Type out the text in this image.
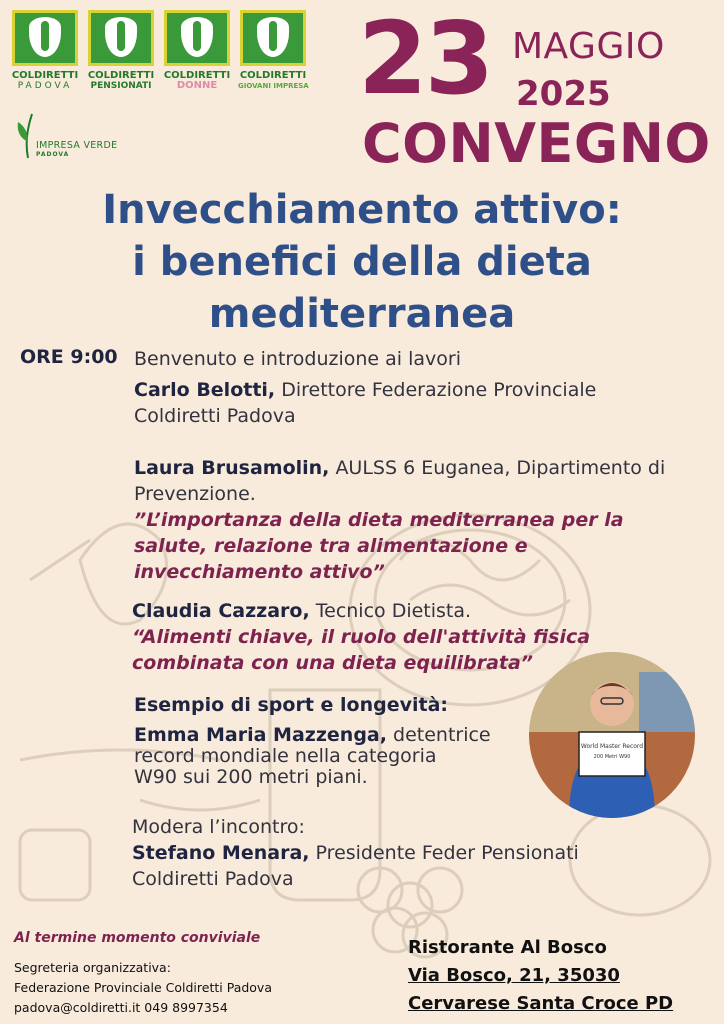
COLDIRETTI
PADOVA
COLDIRETTI
PENSIONATI
COLDIRETTI
DONNE
COLDIRETTI
GIOVANI IMPRESA
IMPRESA VERDE
PADOVA
23 MAGGIO
2025
CONVEGNO
Invecchiamento attivo:
i benefici della dieta
mediterranea
ORE 9:00 Benvenuto e introduzione ai lavori
Carlo Belotti, Direttore Federazione Provinciale
Coldiretti Padova
Laura Brusamolin, AULSS 6 Euganea, Dipartimento di
Prevenzione.
”L’importanza della dieta mediterranea per la
salute, relazione tra alimentazione e
invecchiamento attivo”
Claudia Cazzaro, Tecnico Dietista.
“Alimenti chiave, il ruolo dell'attività fisica
combinata con una dieta equilibrata”
Esempio di sport e longevità:
Emma Maria Mazzenga, detentrice
record mondiale nella categoria
W90 sui 200 metri piani.
Modera l’incontro:
Stefano Menara, Presidente Feder Pensionati
Coldiretti Padova
World Master Record
200 Metri W90
Al termine momento conviviale
Segreteria organizzativa:
Federazione Provinciale Coldiretti Padova
padova@coldiretti.it 049 8997354
Ristorante Al Bosco
Via Bosco, 21, 35030
Cervarese Santa Croce PD
